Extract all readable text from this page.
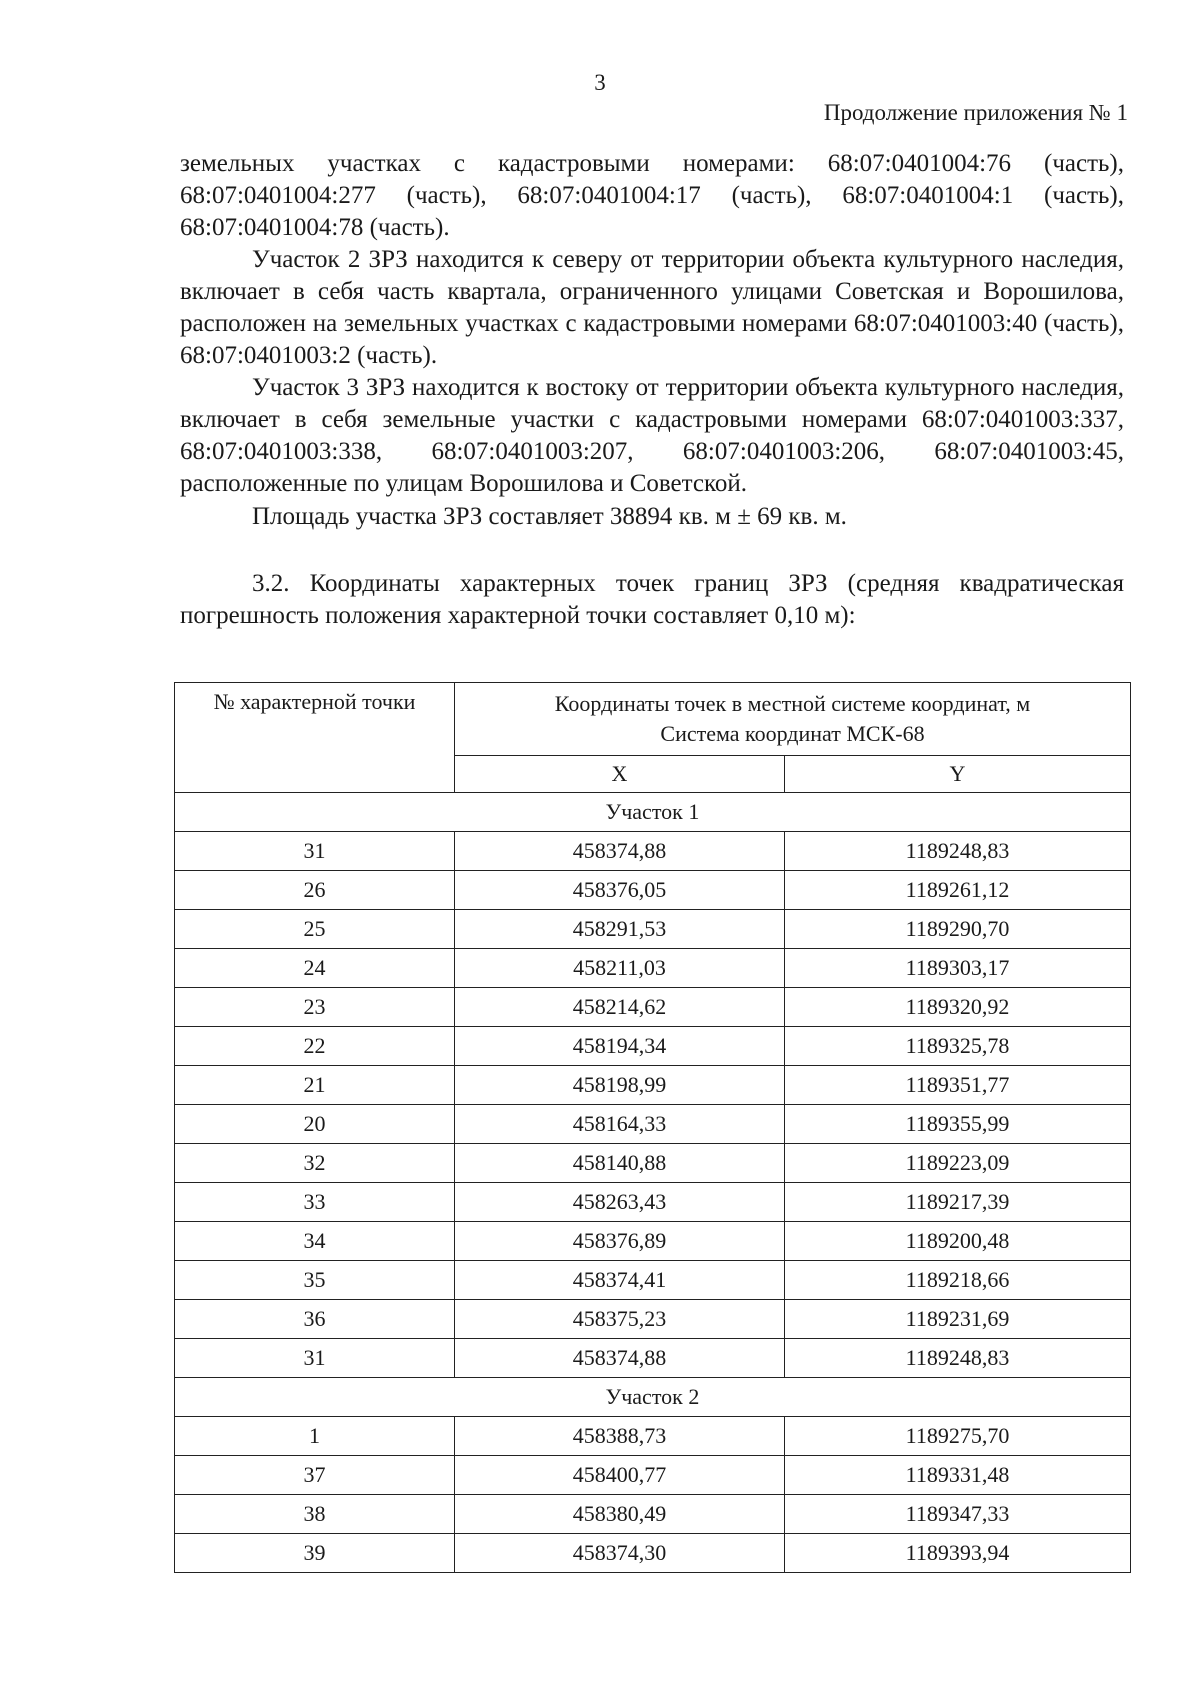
3
Продолжение приложения № 1
земельных участках с кадастровыми номерами: 68:07:0401004:76 (часть), 68:07:0401004:277 (часть), 68:07:0401004:17 (часть), 68:07:0401004:1 (часть), 68:07:0401004:78 (часть).
Участок 2 ЗРЗ находится к северу от территории объекта культурного наследия, включает в себя часть квартала, ограниченного улицами Советская и Ворошилова, расположен на земельных участках с кадастровыми номерами 68:07:0401003:40 (часть), 68:07:0401003:2 (часть).
Участок 3 ЗРЗ находится к востоку от территории объекта культурного наследия, включает в себя земельные участки с кадастровыми номерами 68:07:0401003:337, 68:07:0401003:338, 68:07:0401003:207, 68:07:0401003:206, 68:07:0401003:45, расположенные по улицам Ворошилова и Советской.
Площадь участка ЗРЗ составляет 38894 кв. м ± 69 кв. м.
3.2. Координаты характерных точек границ ЗРЗ (средняя квадратическая погрешность положения характерной точки составляет 0,10 м):
№ характерной точки	Координаты точек в местной системе координат, м
Система координат МСК-68	

	X	Y
Участок 1		
31	458374,88	1189248,83
26	458376,05	1189261,12
25	458291,53	1189290,70
24	458211,03	1189303,17
23	458214,62	1189320,92
22	458194,34	1189325,78
21	458198,99	1189351,77
20	458164,33	1189355,99
32	458140,88	1189223,09
33	458263,43	1189217,39
34	458376,89	1189200,48
35	458374,41	1189218,66
36	458375,23	1189231,69
31	458374,88	1189248,83
Участок 2		
1	458388,73	1189275,70
37	458400,77	1189331,48
38	458380,49	1189347,33
39	458374,30	1189393,94
